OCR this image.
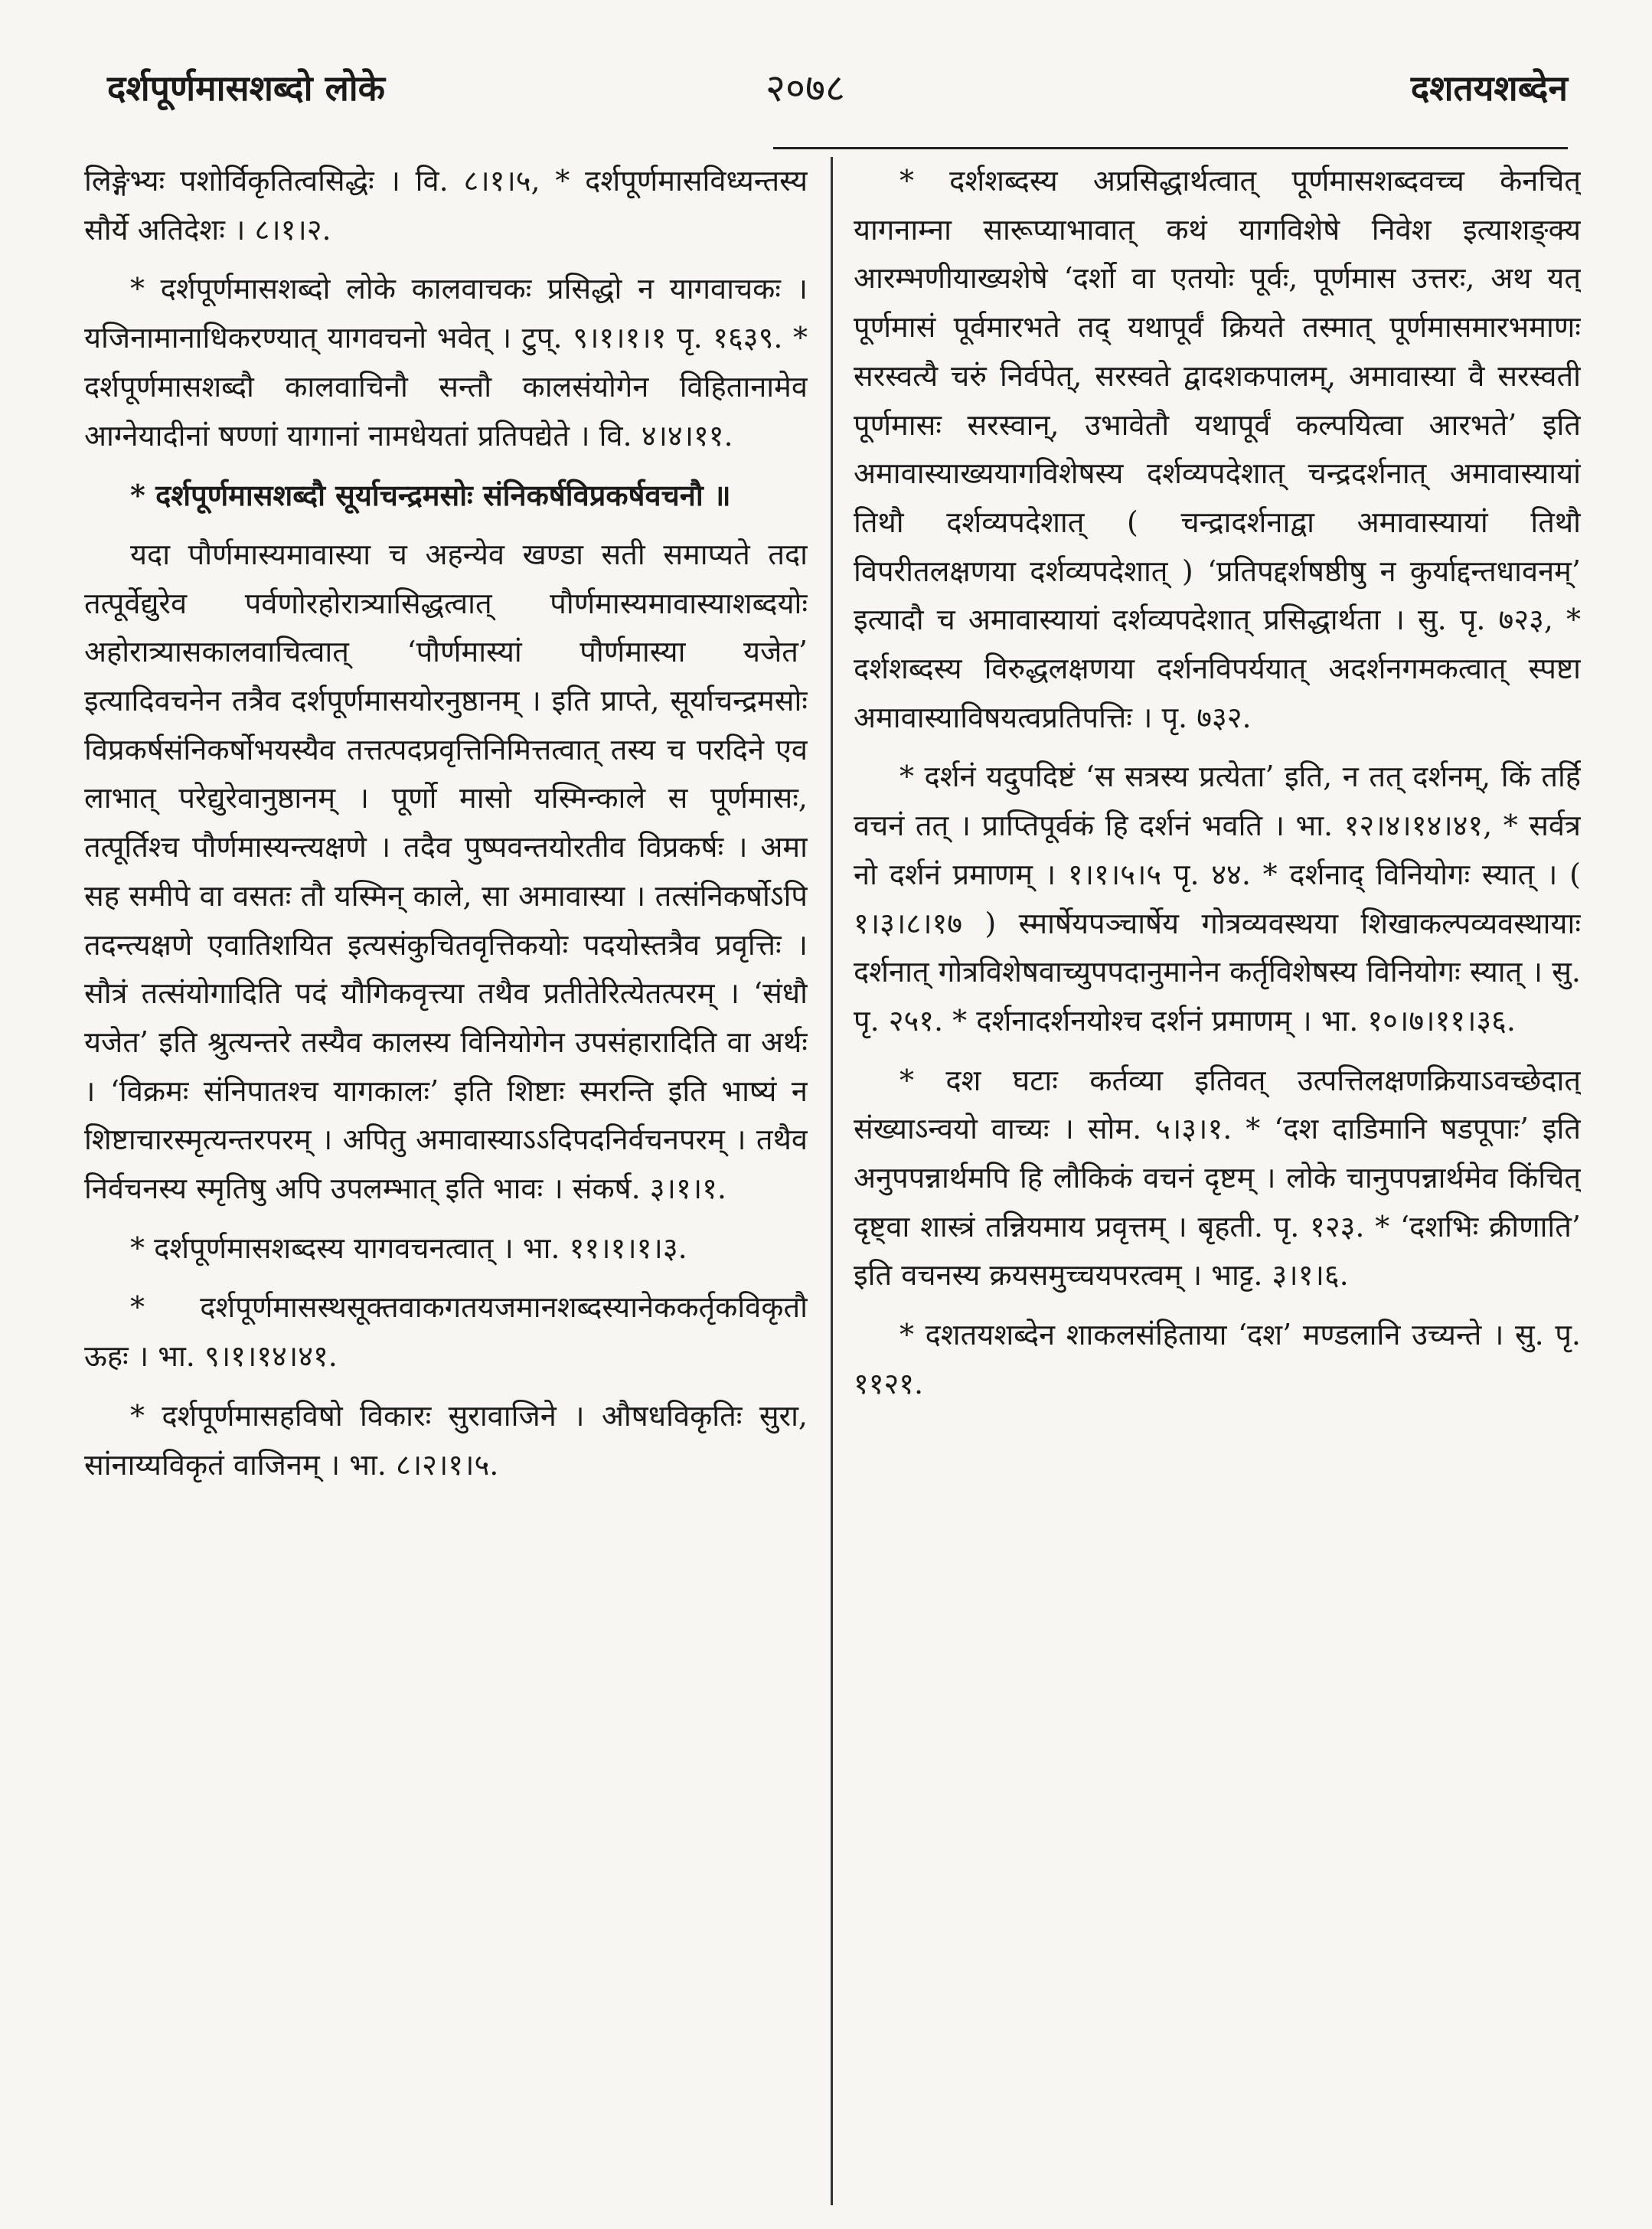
दर्शपूर्णमासशब्दो लोके	२०७८	दशतयशब्देन

लिङ्गेभ्यः पशोर्विकृतित्वसिद्धेः । वि. ८।१।५, * दर्शपूर्णमासविध्यन्तस्य सौर्ये अतिदेशः । ८।१।२.

* दर्शपूर्णमासशब्दो लोके कालवाचकः प्रसिद्धो न यागवाचकः । यजिनामानाधिकरण्यात् यागवचनो भवेत् । टुप्. ९।१।१।१ पृ. १६३९. * दर्शपूर्णमासशब्दौ कालवाचिनौ सन्तौ कालसंयोगेन विहितानामेव आग्नेयादीनां षण्णां यागानां नामधेयतां प्रतिपद्येते । वि. ४।४।११.

* दर्शपूर्णमासशब्दौ सूर्याचन्द्रमसोः संनिकर्षविप्रकर्षवचनौ ॥

यदा पौर्णमास्यमावास्या च अहन्येव खण्डा सती समाप्यते तदा तत्पूर्वेद्युरेव पर्वणोरहोरात्र्यासिद्धत्वात् पौर्णमास्यमावास्याशब्दयोः अहोरात्र्यासकालवाचित्वात् ‘पौर्णमास्यां पौर्णमास्या यजेत’ इत्यादिवचनेन तत्रैव दर्शपूर्णमासयोरनुष्ठानम् । इति प्राप्ते, सूर्याचन्द्रमसोः विप्रकर्षसंनिकर्षोभयस्यैव तत्तत्पदप्रवृत्तिनिमित्तत्वात् तस्य च परदिने एव लाभात् परेद्युरेवानुष्ठानम् । पूर्णो मासो यस्मिन्काले स पूर्णमासः, तत्पूर्तिश्च पौर्णमास्यन्त्यक्षणे । तदैव पुष्पवन्तयोरतीव विप्रकर्षः । अमा सह समीपे वा वसतः तौ यस्मिन् काले, सा अमावास्या । तत्संनिकर्षोऽपि तदन्त्यक्षणे एवातिशयित इत्यसंकुचितवृत्तिकयोः पदयोस्तत्रैव प्रवृत्तिः । सौत्रं तत्संयोगादिति पदं यौगिकवृत्त्या तथैव प्रतीतेरित्येतत्परम् । ‘संधौ यजेत’ इति श्रुत्यन्तरे तस्यैव कालस्य विनियोगेन उपसंहारादिति वा अर्थः । ‘विक्रमः संनिपातश्च यागकालः’ इति शिष्टाः स्मरन्ति इति भाष्यं न शिष्टाचारस्मृत्यन्तरपरम् । अपितु अमावास्याऽऽदिपदनिर्वचनपरम् । तथैव निर्वचनस्य स्मृतिषु अपि उपलम्भात् इति भावः । संकर्ष. ३।१।१.

* दर्शपूर्णमासशब्दस्य यागवचनत्वात् । भा. ११।१।१।३.

* दर्शपूर्णमासस्थसूक्तवाकगतयजमानशब्दस्यानेककर्तृकविकृतौ ऊहः । भा. ९।१।१४।४१.

* दर्शपूर्णमासहविषो विकारः सुरावाजिने । औषधविकृतिः सुरा, सांनाय्यविकृतं वाजिनम् । भा. ८।२।१।५.

* दर्शशब्दस्य अप्रसिद्धार्थत्वात् पूर्णमासशब्दवच्च केनचित् यागनाम्ना सारूप्याभावात् कथं यागविशेषे निवेश इत्याशङ्क्य आरम्भणीयाख्यशेषे ‘दर्शो वा एतयोः पूर्वः, पूर्णमास उत्तरः, अथ यत् पूर्णमासं पूर्वमारभते तद् यथापूर्वं क्रियते तस्मात् पूर्णमासमारभमाणः सरस्वत्यै चरुं निर्वपेत्, सरस्वते द्वादशकपालम्, अमावास्या वै सरस्वती पूर्णमासः सरस्वान्, उभावेतौ यथापूर्वं कल्पयित्वा आरभते’ इति अमावास्याख्ययागविशेषस्य दर्शव्यपदेशात् चन्द्रदर्शनात् अमावास्यायां तिथौ दर्शव्यपदेशात् ( चन्द्रादर्शनाद्वा अमावास्यायां तिथौ विपरीतलक्षणया दर्शव्यपदेशात् ) ‘प्रतिपद्दर्शषष्ठीषु न कुर्याद्दन्तधावनम्’ इत्यादौ च अमावास्यायां दर्शव्यपदेशात् प्रसिद्धार्थता । सु. पृ. ७२३, * दर्शशब्दस्य विरुद्धलक्षणया दर्शनविपर्ययात् अदर्शनगमकत्वात् स्पष्टा अमावास्याविषयत्वप्रतिपत्तिः । पृ. ७३२.

* दर्शनं यदुपदिष्टं ‘स सत्रस्य प्रत्येता’ इति, न तत् दर्शनम्, किं तर्हि वचनं तत् । प्राप्तिपूर्वकं हि दर्शनं भवति । भा. १२।४।१४।४१, * सर्वत्र नो दर्शनं प्रमाणम् । १।१।५।५ पृ. ४४. * दर्शनाद् विनियोगः स्यात् । ( १।३।८।१७ ) स्मार्षेयपञ्चार्षेय गोत्रव्यवस्थया शिखाकल्पव्यवस्थायाः दर्शनात् गोत्रविशेषवाच्युपपदानुमानेन कर्तृविशेषस्य विनियोगः स्यात् । सु. पृ. २५१. * दर्शनादर्शनयोश्च दर्शनं प्रमाणम् । भा. १०।७।११।३६.

* दश घटाः कर्तव्या इतिवत् उत्पत्तिलक्षणक्रियाऽवच्छेदात् संख्याऽन्वयो वाच्यः । सोम. ५।३।१. * ‘दश दाडिमानि षडपूपाः’ इति अनुपपन्नार्थमपि हि लौकिकं वचनं दृष्टम् । लोके चानुपपन्नार्थमेव किंचित् दृष्ट्वा शास्त्रं तन्नियमाय प्रवृत्तम् । बृहती. पृ. १२३. * ‘दशभिः क्रीणाति’ इति वचनस्य क्रयसमुच्चयपरत्वम् । भाट्ट. ३।१।६.

* दशतयशब्देन शाकलसंहिताया ‘दश’ मण्डलानि उच्यन्ते । सु. पृ. ११२१.
